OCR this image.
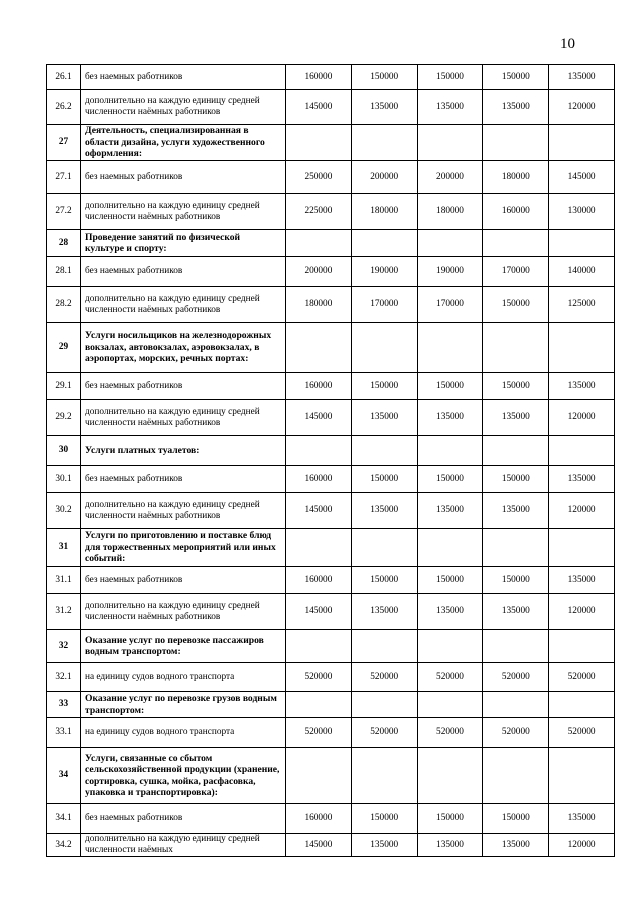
10
26.1	без наемных работников	160000	150000	150000	150000	135000
26.2	дополнительно на каждую единицу средней численности наёмных работников	145000	135000	135000	135000	120000
27	Деятельность, специализированная в области дизайна, услуги художественного оформления:					
27.1	без наемных работников	250000	200000	200000	180000	145000
27.2	дополнительно на каждую единицу средней численности наёмных работников	225000	180000	180000	160000	130000
28	Проведение занятий по физической культуре и спорту:					
28.1	без наемных работников	200000	190000	190000	170000	140000
28.2	дополнительно на каждую единицу средней численности наёмных работников	180000	170000	170000	150000	125000
29	Услуги носильщиков на железнодорожных вокзалах, автовокзалах, аэровокзалах, в аэропортах, морских, речных портах:					
29.1	без наемных работников	160000	150000	150000	150000	135000
29.2	дополнительно на каждую единицу средней численности наёмных работников	145000	135000	135000	135000	120000
30	Услуги платных туалетов:					
30.1	без наемных работников	160000	150000	150000	150000	135000
30.2	дополнительно на каждую единицу средней численности наёмных работников	145000	135000	135000	135000	120000
31	Услуги по приготовлению и поставке блюд для торжественных мероприятий или иных событий:					
31.1	без наемных работников	160000	150000	150000	150000	135000
31.2	дополнительно на каждую единицу средней численности наёмных работников	145000	135000	135000	135000	120000
32	Оказание услуг по перевозке пассажиров водным транспортом:					
32.1	на единицу судов водного транспорта	520000	520000	520000	520000	520000
33	Оказание услуг по перевозке грузов водным транспортом:					
33.1	на единицу судов водного транспорта	520000	520000	520000	520000	520000
34	Услуги, связанные со сбытом сельскохозяйственной продукции (хранение, сортировка, сушка, мойка, расфасовка, упаковка и транспортировка):					
34.1	без наемных работников	160000	150000	150000	150000	135000
34.2	дополнительно на каждую единицу средней численности наёмных	145000	135000	135000	135000	120000
